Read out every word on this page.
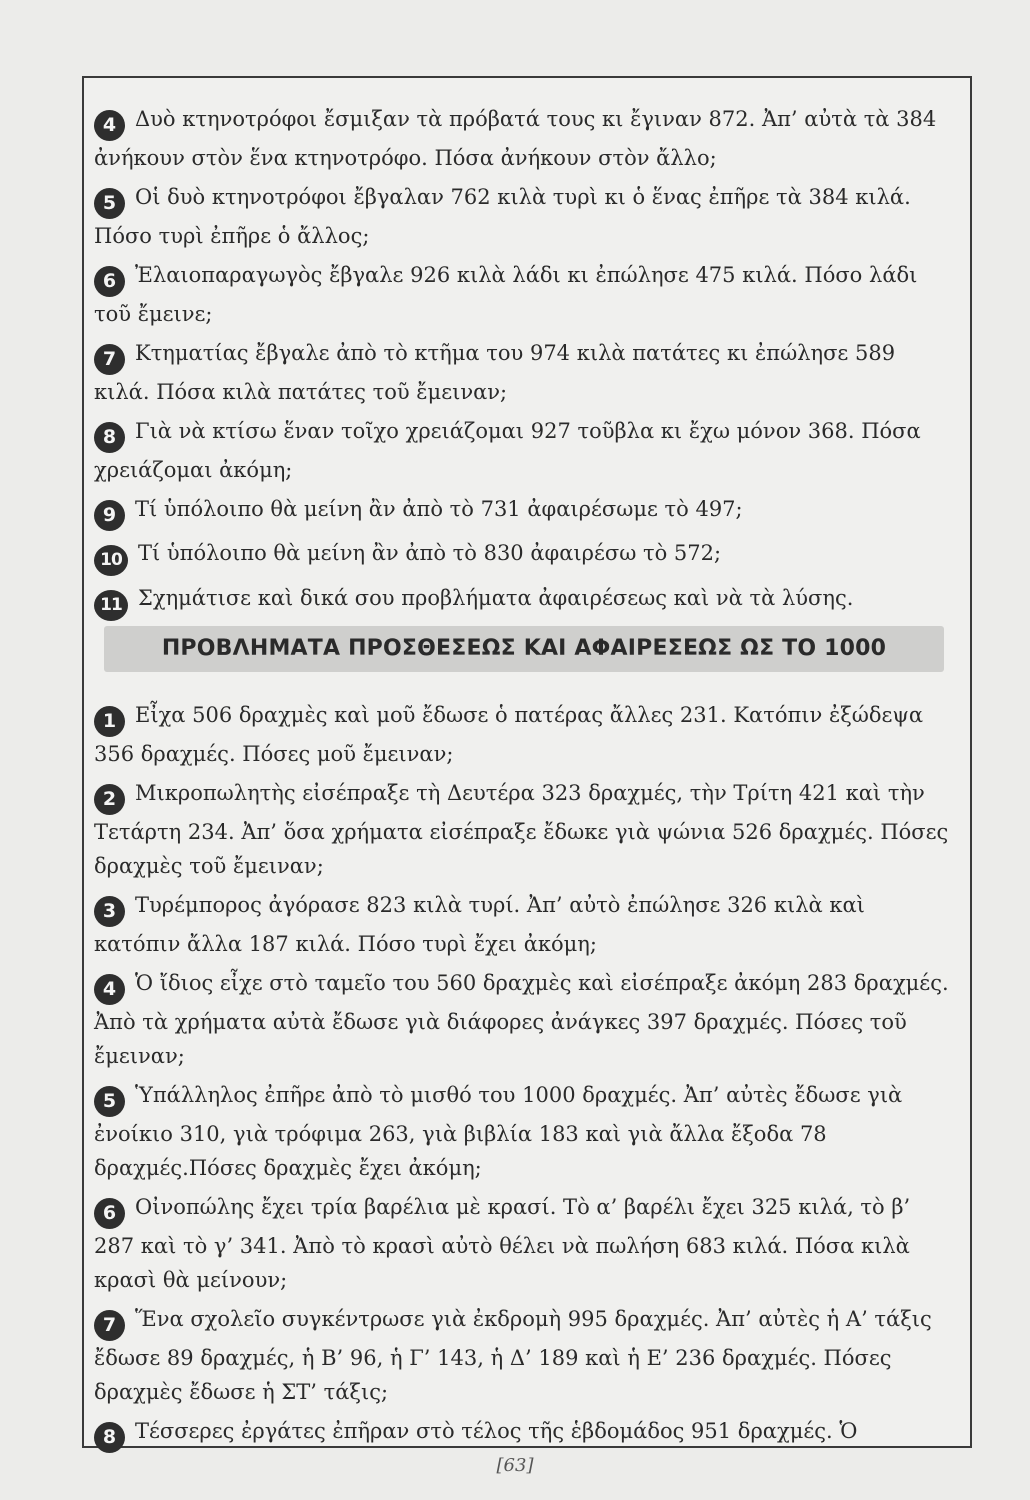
4 Δυὸ κτηνοτρόφοι ἔσμιξαν τὰ πρόβατά τους κι ἔγιναν 872. Ἀπ’ αὐτὰ τὰ 384 ἀνήκουν στὸν ἕνα κτηνοτρόφο. Πόσα ἀνήκουν στὸν ἄλλο;
5 Οἱ δυὸ κτηνοτρόφοι ἔβγαλαν 762 κιλὰ τυρὶ κι ὁ ἕνας ἐπῆρε τὰ 384 κιλά. Πόσο τυρὶ ἐπῆρε ὁ ἄλλος;
6 Ἐλαιοπαραγωγὸς ἔβγαλε 926 κιλὰ λάδι κι ἐπώλησε 475 κιλά. Πόσο λάδι τοῦ ἔμεινε;
7 Κτηματίας ἔβγαλε ἀπὸ τὸ κτῆμα του 974 κιλὰ πατάτες κι ἐπώλησε 589 κιλά. Πόσα κιλὰ πατάτες τοῦ ἔμειναν;
8 Γιὰ νὰ κτίσω ἕναν τοῖχο χρειάζομαι 927 τοῦβλα κι ἔχω μόνον 368. Πόσα χρειάζομαι ἀκόμη;
9 Τί ὑπόλοιπο θὰ μείνη ἂν ἀπὸ τὸ 731 ἀφαιρέσωμε τὸ 497;
10 Τί ὑπόλοιπο θὰ μείνη ἂν ἀπὸ τὸ 830 ἀφαιρέσω τὸ 572;
11 Σχημάτισε καὶ δικά σου προβλήματα ἀφαιρέσεως καὶ νὰ τὰ λύσης.
ΠΡΟΒΛΗΜΑΤΑ ΠΡΟΣΘΕΣΕΩΣ ΚΑΙ ΑΦΑΙΡΕΣΕΩΣ ΩΣ ΤΟ 1000
1 Εἶχα 506 δραχμὲς καὶ μοῦ ἔδωσε ὁ πατέρας ἄλλες 231. Κατόπιν ἐξώδεψα 356 δραχμές. Πόσες μοῦ ἔμειναν;
2 Μικροπωλητὴς εἰσέπραξε τὴ Δευτέρα 323 δραχμές, τὴν Τρίτη 421 καὶ τὴν Τετάρτη 234. Ἀπ’ ὅσα χρήματα εἰσέπραξε ἔδωκε γιὰ ψώνια 526 δραχμές. Πόσες δραχμὲς τοῦ ἔμειναν;
3 Τυρέμπορος ἀγόρασε 823 κιλὰ τυρί. Ἀπ’ αὐτὸ ἐπώλησε 326 κιλὰ καὶ κατόπιν ἄλλα 187 κιλά. Πόσο τυρὶ ἔχει ἀκόμη;
4 Ὁ ἴδιος εἶχε στὸ ταμεῖο του 560 δραχμὲς καὶ εἰσέπραξε ἀκόμη 283 δραχμές. Ἀπὸ τὰ χρήματα αὐτὰ ἔδωσε γιὰ διάφορες ἀνάγκες 397 δραχμές. Πόσες τοῦ ἔμειναν;
5 Ὑπάλληλος ἐπῆρε ἀπὸ τὸ μισθό του 1000 δραχμές. Ἀπ’ αὐτὲς ἔδωσε γιὰ ἐνοίκιο 310, γιὰ τρόφιμα 263, γιὰ βιβλία 183 καὶ γιὰ ἄλλα ἔξοδα 78 δραχμές.Πόσες δραχμὲς ἔχει ἀκόμη;
6 Οἰνοπώλης ἔχει τρία βαρέλια μὲ κρασί. Τὸ α’ βαρέλι ἔχει 325 κιλά, τὸ β’ 287 καὶ τὸ γ’ 341. Ἀπὸ τὸ κρασὶ αὐτὸ θέλει νὰ πωλήση 683 κιλά. Πόσα κιλὰ κρασὶ θὰ μείνουν;
7 Ἕνα σχολεῖο συγκέντρωσε γιὰ ἐκδρομὴ 995 δραχμές. Ἀπ’ αὐτὲς ἡ Α’ τάξις ἔδωσε 89 δραχμές, ἡ Β’ 96, ἡ Γ’ 143, ἡ Δ’ 189 καὶ ἡ Ε’ 236 δραχμές. Πόσες δραχμὲς ἔδωσε ἡ ΣΤ’ τάξις;
8 Τέσσερες ἐργάτες ἐπῆραν στὸ τέλος τῆς ἑβδομάδος 951 δραχμές. Ὁ
[63]
